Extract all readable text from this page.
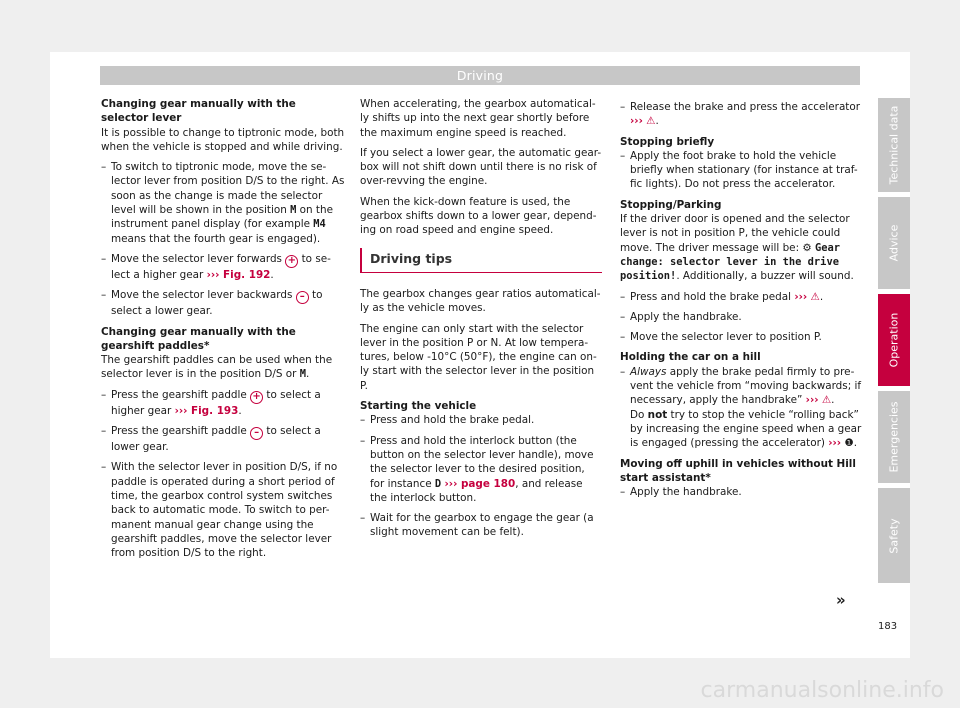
Driving
Changing gear manually with the selector lever

It is possible to change to tiptronic mode, both when the vehicle is stopped and while driving.

– To switch to tiptronic mode, move the se-lector lever from position D/S to the right. As soon as the change is made the selector level will be shown in the position M on the instrument panel display (for example M4 means that the fourth gear is engaged).
– Move the selector lever forwards + to se-lect a higher gear ››› Fig. 192.
– Move the selector lever backwards – to select a lower gear.
Changing gear manually with the gearshift paddles*

The gearshift paddles can be used when the selector lever is in the position D/S or M.

– Press the gearshift paddle + to select a higher gear ››› Fig. 193.
– Press the gearshift paddle – to select a lower gear.
– With the selector lever in position D/S, if no paddle is operated during a short period of time, the gearbox control system switches back to automatic mode. To switch to per-manent manual gear change using the gearshift paddles, move the selector lever from position D/S to the right.

When accelerating, the gearbox automatical-ly shifts up into the next gear shortly before the maximum engine speed is reached.

If you select a lower gear, the automatic gear-box will not shift down until there is no risk of over-revving the engine.

When the kick-down feature is used, the gearbox shifts down to a lower gear, depend-ing on road speed and engine speed.

Driving tips

The gearbox changes gear ratios automatical-ly as the vehicle moves.

The engine can only start with the selector lever in the position P or N. At low tempera-tures, below -10°C (50°F), the engine can on-ly start with the selector lever in the position P.

Starting the vehicle
– Press and hold the brake pedal.
– Press and hold the interlock button (the button on the selector lever handle), move the selector lever to the desired position, for instance D ››› page 180, and release the interlock button.
– Wait for the gearbox to engage the gear (a slight movement can be felt).
– Release the brake and press the accelerator ››› ⚠.
Stopping briefly
– Apply the foot brake to hold the vehicle briefly when stationary (for instance at traf-fic lights). Do not press the accelerator.
Stopping/Parking

If the driver door is opened and the selector lever is not in position P, the vehicle could move. The driver message will be: ⚙ Gear change: selector lever in the drive position!. Additionally, a buzzer will sound.

– Press and hold the brake pedal ››› ⚠.
– Apply the handbrake.
– Move the selector lever to position P.
Holding the car on a hill
– Always apply the brake pedal firmly to pre-vent the vehicle from “moving backwards; if necessary, apply the handbrake” ››› ⚠.
Do not try to stop the vehicle “rolling back” by increasing the engine speed when a gear is engaged (pressing the accelerator) ››› ❶.
Moving off uphill in vehicles without Hill start assistant*
– Apply the handbrake.
»
Technical data
Advice
Operation
Emergencies
Safety
183
carmanualsonline.info
